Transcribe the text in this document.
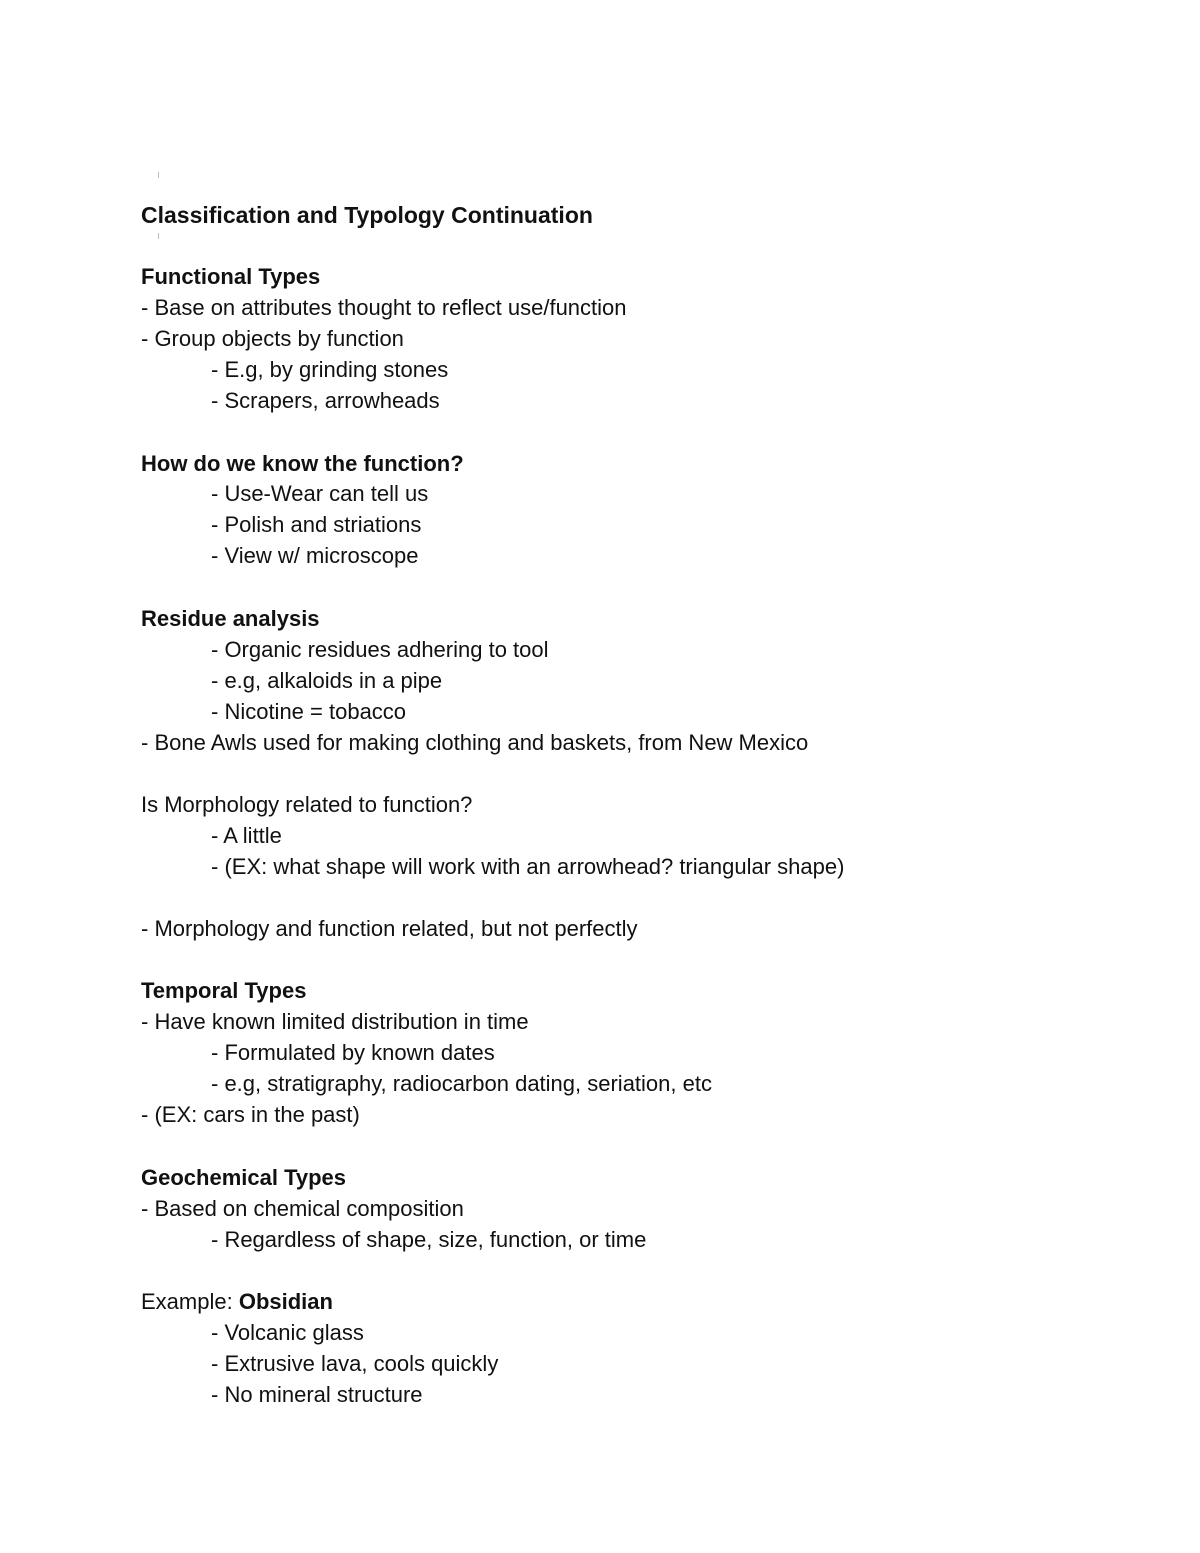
Classification and Typology Continuation
Functional Types
- Base on attributes thought to reflect use/function
- Group objects by function
- E.g, by grinding stones
- Scrapers, arrowheads
How do we know the function?
- Use-Wear can tell us
- Polish and striations
- View w/ microscope
Residue analysis
- Organic residues adhering to tool
- e.g, alkaloids in a pipe
- Nicotine = tobacco
- Bone Awls used for making clothing and baskets, from New Mexico
Is Morphology related to function?
- A little
- (EX: what shape will work with an arrowhead? triangular shape)
- Morphology and function related, but not perfectly
Temporal Types
- Have known limited distribution in time
- Formulated by known dates
- e.g, stratigraphy, radiocarbon dating, seriation, etc
- (EX: cars in the past)
Geochemical Types
- Based on chemical composition
- Regardless of shape, size, function, or time
Example: Obsidian
- Volcanic glass
- Extrusive lava, cools quickly
- No mineral structure
